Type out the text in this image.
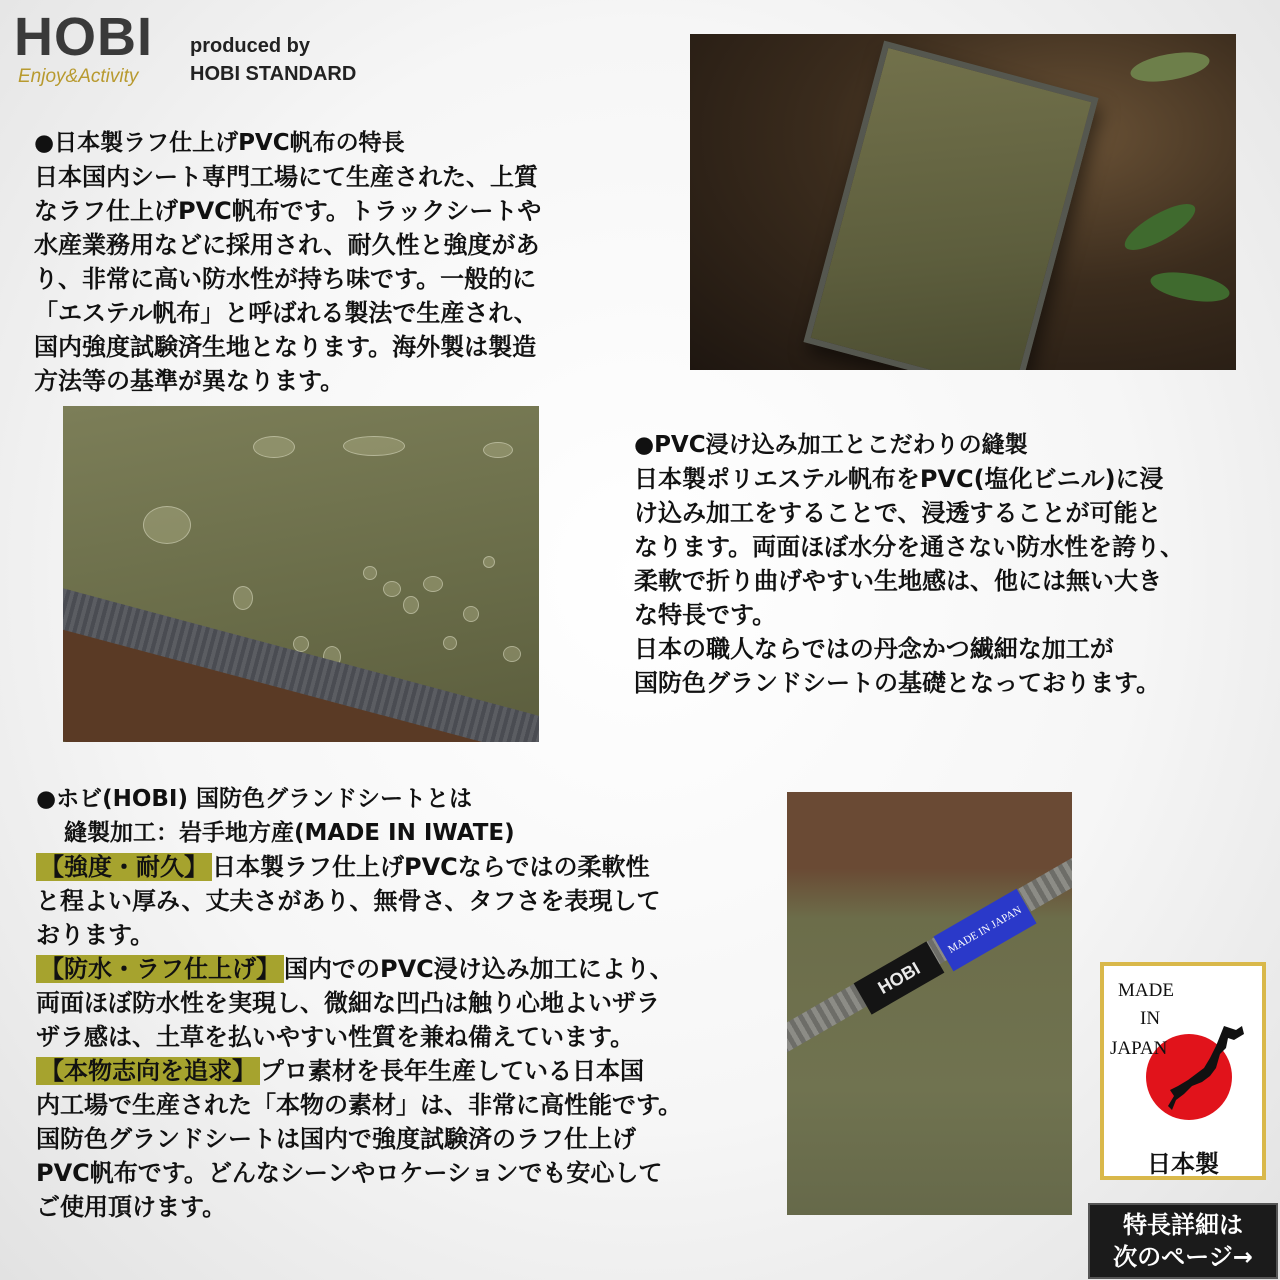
HOBI
Enjoy&Activity
produced by
HOBI STANDARD
●日本製ラフ仕上げPVC帆布の特長
日本国内シート専門工場にて生産された、上質
なラフ仕上げPVC帆布です。トラックシートや
水産業務用などに採用され、耐久性と強度があ
り、非常に高い防水性が持ち味です。一般的に
「エステル帆布」と呼ばれる製法で生産され、
国内強度試験済生地となります。海外製は製造
方法等の基準が異なります。
●PVC浸け込み加工とこだわりの縫製
日本製ポリエステル帆布をPVC(塩化ビニル)に浸
け込み加工をすることで、浸透することが可能と
なります。両面ほぼ水分を通さない防水性を誇り、
柔軟で折り曲げやすい生地感は、他には無い大き
な特長です。
日本の職人ならではの丹念かつ繊細な加工が
国防色グランドシートの基礎となっております。
●ホビ(HOBI) 国防色グランドシートとは
縫製加工：岩手地方産(MADE IN IWATE)
【強度・耐久】 日本製ラフ仕上げPVCならではの柔軟性
と程よい厚み、丈夫さがあり、無骨さ、タフさを表現して
おります。
【防水・ラフ仕上げ】 国内でのPVC浸け込み加工により、
両面ほぼ防水性を実現し、微細な凹凸は触り心地よいザラ
ザラ感は、土草を払いやすい性質を兼ね備えています。
【本物志向を追求】 プロ素材を長年生産している日本国
内工場で生産された「本物の素材」は、非常に高性能です。
国防色グランドシートは国内で強度試験済のラフ仕上げ
PVC帆布です。どんなシーンやロケーションでも安心して
ご使用頂けます。
HOBI
MADE IN JAPAN
MADE
IN
JAPAN
日本製
特長詳細は
次のページ→
